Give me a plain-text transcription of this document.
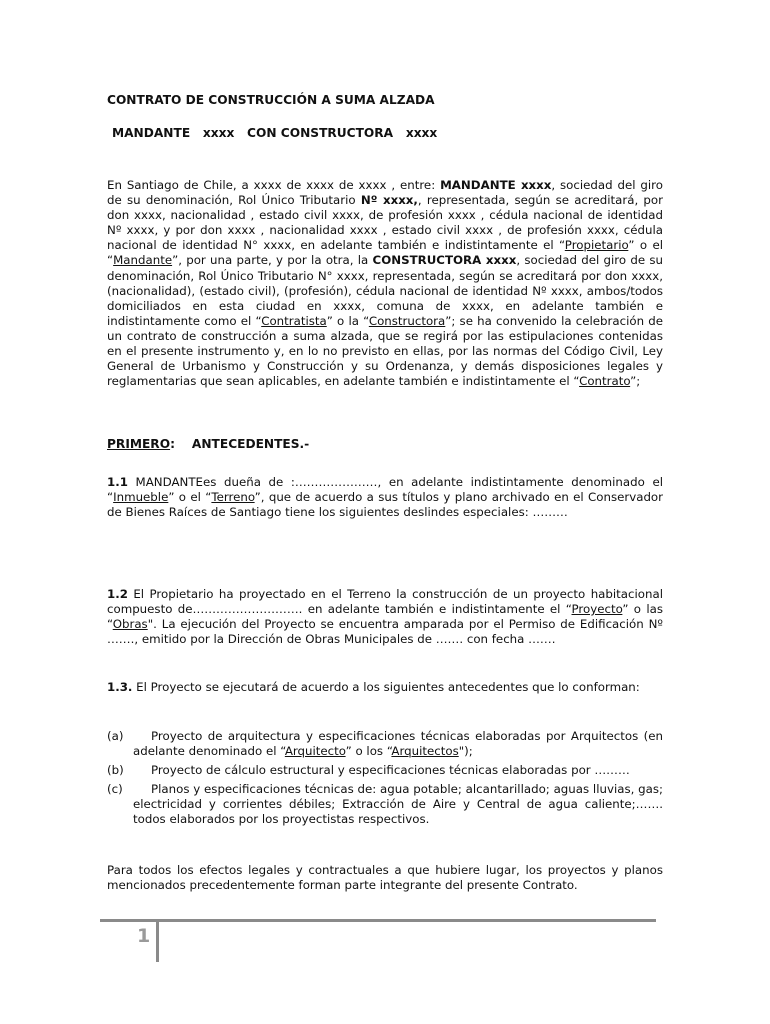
CONTRATO DE CONSTRUCCIÓN A SUMA ALZADA
MANDANTE   xxxx   CON CONSTRUCTORA   xxxx

En Santiago de Chile, a xxxx de xxxx de xxxx , entre: MANDANTE xxxx, sociedad del giro de su denominación, Rol Único Tributario Nº xxxx,, representada, según se acreditará, por don xxxx, nacionalidad , estado civil xxxx, de profesión xxxx , cédula nacional de identidad Nº xxxx, y por don xxxx , nacionalidad xxxx , estado civil xxxx , de profesión xxxx, cédula nacional de identidad N° xxxx, en adelante también e indistintamente el “Propietario” o el “Mandante”, por una parte, y por la otra, la CONSTRUCTORA xxxx, sociedad del giro de su denominación, Rol Único Tributario N° xxxx, representada, según se acreditará por don xxxx, (nacionalidad), (estado civil), (profesión), cédula nacional de identidad Nº xxxx, ambos/todos domiciliados en esta ciudad en xxxx, comuna de xxxx, en adelante también e indistintamente como el “Contratista” o la “Constructora”; se ha convenido la celebración de un contrato de construcción a suma alzada, que se regirá por las estipulaciones contenidas en el presente instrumento y, en lo no previsto en ellas, por las normas del Código Civil, Ley General de Urbanismo y Construcción y su Ordenanza, y demás disposiciones legales y reglamentarias que sean aplicables, en adelante también e indistintamente el “Contrato”;

PRIMERO:    ANTECEDENTES.-

1.1 MANDANTEes dueña de :…………………, en adelante indistintamente denominado el “Inmueble” o el “Terreno”, que de acuerdo a sus títulos y plano archivado en el Conservador de Bienes Raíces de Santiago tiene los siguientes deslindes especiales: ………

1.2 El Propietario ha proyectado en el Terreno la construcción de un proyecto habitacional compuesto de………………………. en adelante también e indistintamente el “Proyecto” o las “Obras". La ejecución del Proyecto se encuentra amparada por el Permiso de Edificación Nº ……., emitido por la Dirección de Obras Municipales de ……. con fecha …….

1.3. El Proyecto se ejecutará de acuerdo a los siguientes antecedentes que lo conforman:

(a)	Proyecto de arquitectura y especificaciones técnicas elaboradas por Arquitectos (en adelante denominado el “Arquitecto” o los “Arquitectos");
(b)	Proyecto de cálculo estructural y especificaciones técnicas elaboradas por ………
(c)	Planos y especificaciones técnicas de: agua potable; alcantarillado; aguas lluvias, gas; electricidad y corrientes débiles; Extracción de Aire y Central de agua caliente;……. todos elaborados por los proyectistas respectivos.

Para todos los efectos legales y contractuales a que hubiere lugar, los proyectos y planos mencionados precedentemente forman parte integrante del presente Contrato.

1
